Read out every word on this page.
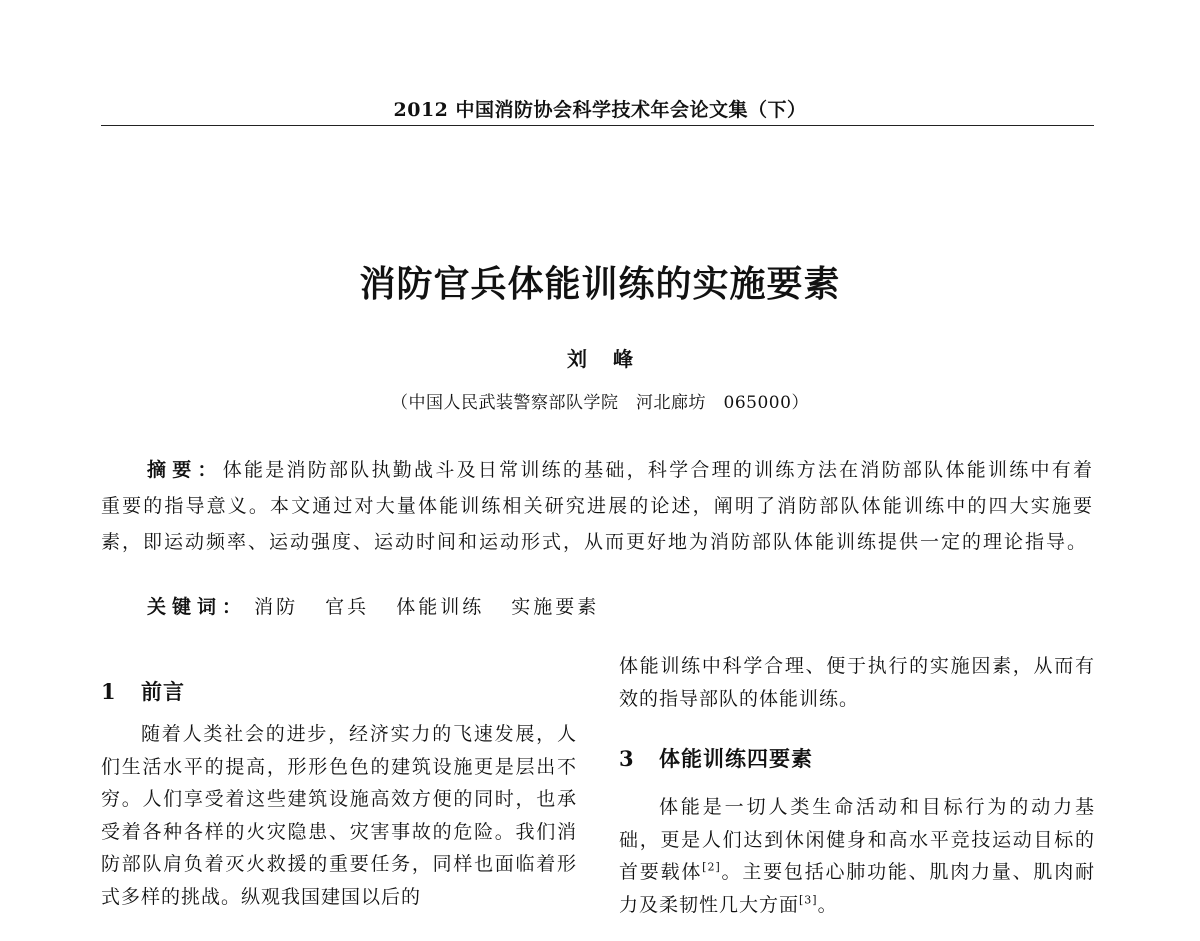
2012 中国消防协会科学技术年会论文集（下）
消防官兵体能训练的实施要素
刘峰
（中国人民武装警察部队学院　河北廊坊　065000）

摘要：体能是消防部队执勤战斗及日常训练的基础，科学合理的训练方法在消防部队体能训练中有着重要的指导意义。本文通过对大量体能训练相关研究进展的论述，阐明了消防部队体能训练中的四大实施要素，即运动频率、运动强度、运动时间和运动形式，从而更好地为消防部队体能训练提供一定的理论指导。

关键词： 消防 官兵 体能训练 实施要素
1 前言

随着人类社会的进步，经济实力的飞速发展，人们生活水平的提高，形形色色的建筑设施更是层出不穷。人们享受着这些建筑设施高效方便的同时，也承受着各种各样的火灾隐患、灾害事故的危险。我们消防部队肩负着灭火救援的重要任务，同样也面临着形式多样的挑战。纵观我国建国以后的

体能训练中科学合理、便于执行的实施因素，从而有效的指导部队的体能训练。

3 体能训练四要素

体能是一切人类生命活动和目标行为的动力基础，更是人们达到休闲健身和高水平竞技运动目标的首要载体[2]。主要包括心肺功能、肌肉力量、肌肉耐力及柔韧性几大方面[3]。
